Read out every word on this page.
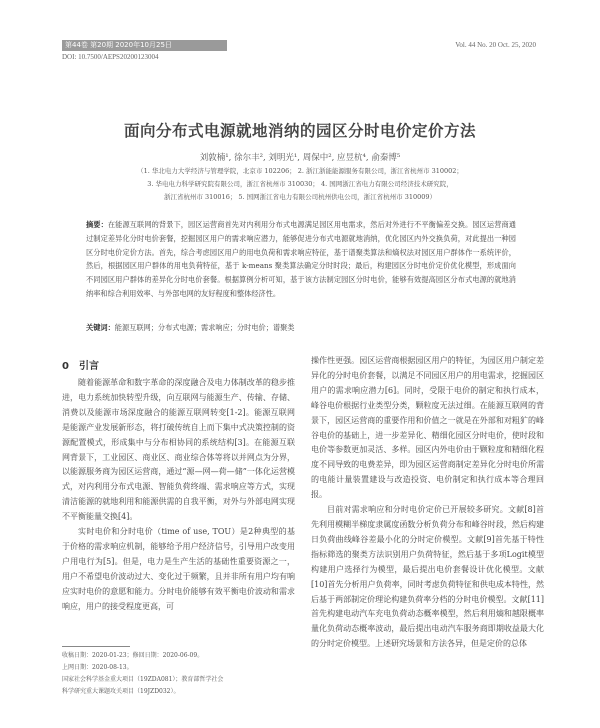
第44卷 第20期 2020年10月25日	Vol. 44 No. 20 Oct. 25, 2020
DOI: 10.7500/AEPS20200123004
面向分布式电源就地消纳的园区分时电价定价方法
刘敦楠¹, 徐尔丰², 刘明光¹, 周保中², 应昱杭⁴, 俞秦博⁵
（1. 华北电力大学经济与管理学院，北京市 102206； 2. 浙江浙能能源服务有限公司，浙江省杭州市 310002；
3. 华电电力科学研究院有限公司，浙江省杭州市 310030； 4. 国网浙江省电力有限公司经济技术研究院，
浙江省杭州市 310016； 5. 国网浙江省电力有限公司杭州供电公司，浙江省杭州市 310009）
摘要：在能源互联网的背景下，园区运营商首先对内利用分布式电源满足园区用电需求，然后对外进行不平衡偏差交换。园区运营商通过制定差异化分时电价套餐，挖掘园区用户的需求响应潜力，能够促进分布式电源就地消纳，优化园区内外交换负荷，对此提出一种园区分时电价定价方法。首先，综合考虑园区用户的用电负荷和需求响应特征，基于谱聚类算法和熵权法对园区用户群体作一系统评价，然后，根据园区用户群体的用电负荷特征，基于 k-means 聚类算法确定分时时段；最后，构建园区分时电价定价优化模型，形成面向不同园区用户群体的差异化分时电价套餐。根据算例分析可知，基于该方法制定园区分时电价，能够有效提高园区分布式电源的就地消纳率和综合利用效率、与外部电网的友好程度和整体经济性。
关键词：能源互联网；分布式电源；需求响应；分时电价；谱聚类
0　引言

随着能源革命和数字革命的深度融合及电力体制改革的稳步推进，电力系统加快转型升级，向互联网与能源生产、传输、存储、消费以及能源市场深度融合的能源互联网转变[1-2]。能源互联网是能源产业发展新形态，将打破传统自上而下集中式决策控制的资源配置模式，形成集中与分布相协同的系统结构[3]。在能源互联网背景下，工业园区、商业区、商业综合体等将以并网点为分界，以能源服务商为园区运营商，通过“源—网—荷—储”一体化运营模式，对内利用分布式电源、智能负荷终端、需求响应等方式，实现清洁能源的就地利用和能源供需的自我平衡，对外与外部电网实现不平衡能量交换[4]。

实时电价和分时电价（time of use, TOU）是2种典型的基于价格的需求响应机制，能够给予用户经济信号，引导用户改变用户用电行为[5]。但是，电力是生产生活的基础性重要资源之一，用户不希望电价波动过大、变化过于频繁，且并非所有用户均有响应实时电价的意愿和能力。分时电价能够有效平衡电价波动和需求响应，用户的接受程度更高，可

操作性更强。园区运营商根据园区用户的特征，为园区用户制定差异化的分时电价套餐，以满足不同园区用户的用电需求，挖掘园区用户的需求响应潜力[6]。同时，受限于电价的制定和执行成本，峰谷电价根据行业类型分类，颗粒度无法过细。在能源互联网的背景下，园区运营商的重要作用和价值之一就是在外部和对粗犷的峰谷电价的基础上，进一步差异化、精细化园区分时电价，使时段和电价等参数更加灵活、多样。园区内外电价由于颗粒度和精细化程度不同导致的电费差异，即为园区运营商制定差异化分时电价所需的电能计量装置建设与改造投资、电价制定和执行成本等合理回报。

目前对需求响应和分时电价定价已开展较多研究。文献[8]首先利用模糊半梯度隶属度函数分析负荷分布和峰谷时段，然后构建日负荷曲线峰谷差最小化的分时定价模型。文献[9]首先基于特性指标筛选的聚类方法识别用户负荷特征，然后基于多项Logit模型构建用户选择行为模型，最后提出电价套餐设计优化模型。文献[10]首先分析用户负荷率，同时考虑负荷特征和供电成本特性，然后基于两部制定价理论构建负荷率分档的分时电价模型。文献[11]首先构建电动汽车充电负荷动态概率模型，然后利用熵和越限概率量化负荷动态概率波动，最后提出电动汽车服务商即期收益最大化的分时定价模型。上述研究场景和方法各异，但是定价的总体

收稿日期：2020-01-23；修回日期：2020-06-09。
上网日期：2020-08-13。
国家社会科学基金重大项目（19ZDA081）；教育部哲学社会
科学研究重大课题攻关项目（19JZD032）。
